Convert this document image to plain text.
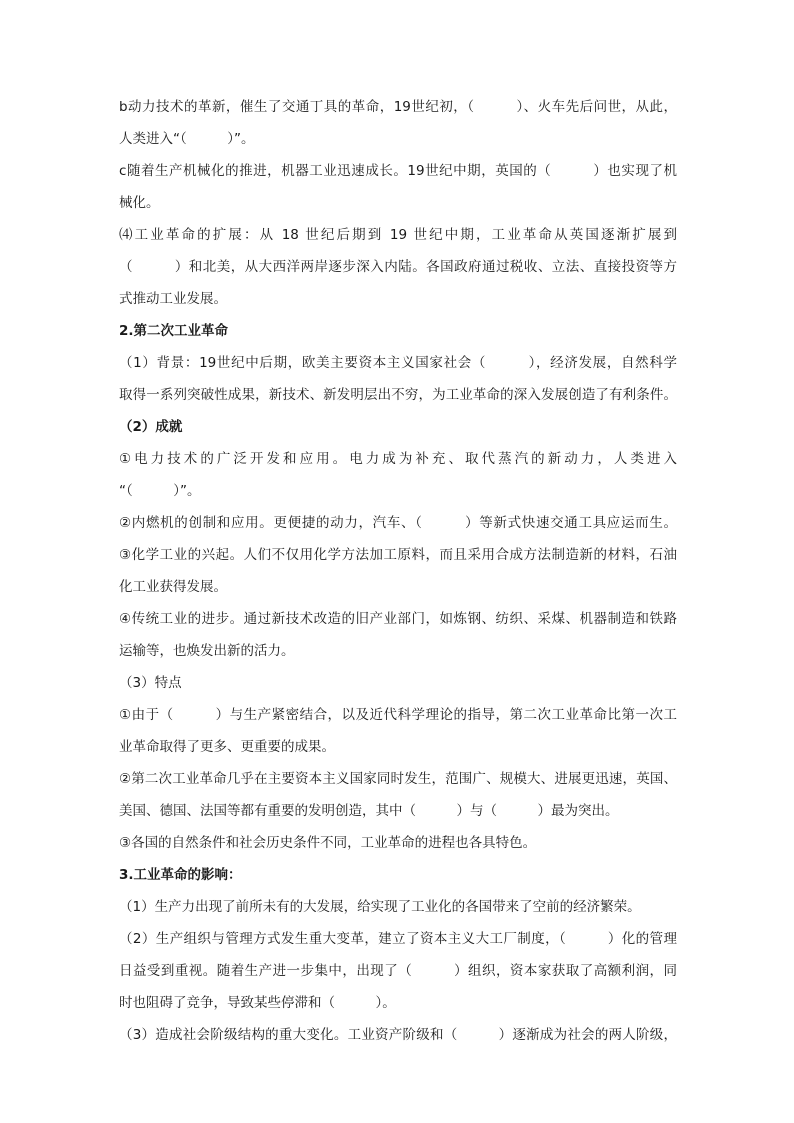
b动力技术的革新，催生了交通丁具的革命，19世纪初，（　　　）、火车先后问世，从此，
人类进入“（　　　）”。
c随着生产机械化的推进，机器工业迅速成长。19世纪中期，英国的（　　　）也实现了机
械化。
⑷工业革命的扩展：从 18 世纪后期到 19 世纪中期，工业革命从英国逐渐扩展到
（　　　）和北美，从大西洋两岸逐步深入内陆。各国政府通过税收、立法、直接投资等方
式推动工业发展。
2.第二次工业革命
（1）背景：19世纪中后期，欧美主要资本主义国家社会（　　　），经济发展，自然科学
取得一系列突破性成果，新技术、新发明层出不穷，为工业革命的深入发展创造了有利条件。
（2）成就
①电力技术的广泛开发和应用。电力成为补充、取代蒸汽的新动力，人类进入
“（　　　）”。
②内燃机的创制和应用。更便捷的动力，汽车、（　　　）等新式快速交通工具应运而生。
③化学工业的兴起。人们不仅用化学方法加工原料，而且采用合成方法制造新的材料，石油
化工业获得发展。
④传统工业的进步。通过新技术改造的旧产业部门，如炼钢、纺织、采煤、机器制造和铁路
运输等，也焕发出新的活力。
（3）特点
①由于（　　　）与生产紧密结合，以及近代科学理论的指导，第二次工业革命比第一次工
业革命取得了更多、更重要的成果。
②第二次工业革命几乎在主要资本主义国家同时发生，范围广、规模大、进展更迅速，英国、
美国、德国、法国等都有重要的发明创造，其中（　　　）与（　　　）最为突出。
③各国的自然条件和社会历史条件不同，工业革命的进程也各具特色。
3.工业革命的影响：
（1）生产力出现了前所未有的大发展，给实现了工业化的各国带来了空前的经济繁荣。
（2）生产组织与管理方式发生重大变革，建立了资本主义大工厂制度，（　　　）化的管理
日益受到重视。随着生产进一步集中，出现了（　　　）组织，资本家获取了高额利润，同
时也阻碍了竞争，导致某些停滞和（　　　）。
（3）造成社会阶级结构的重大变化。工业资产阶级和（　　　）逐渐成为社会的两人阶级，
